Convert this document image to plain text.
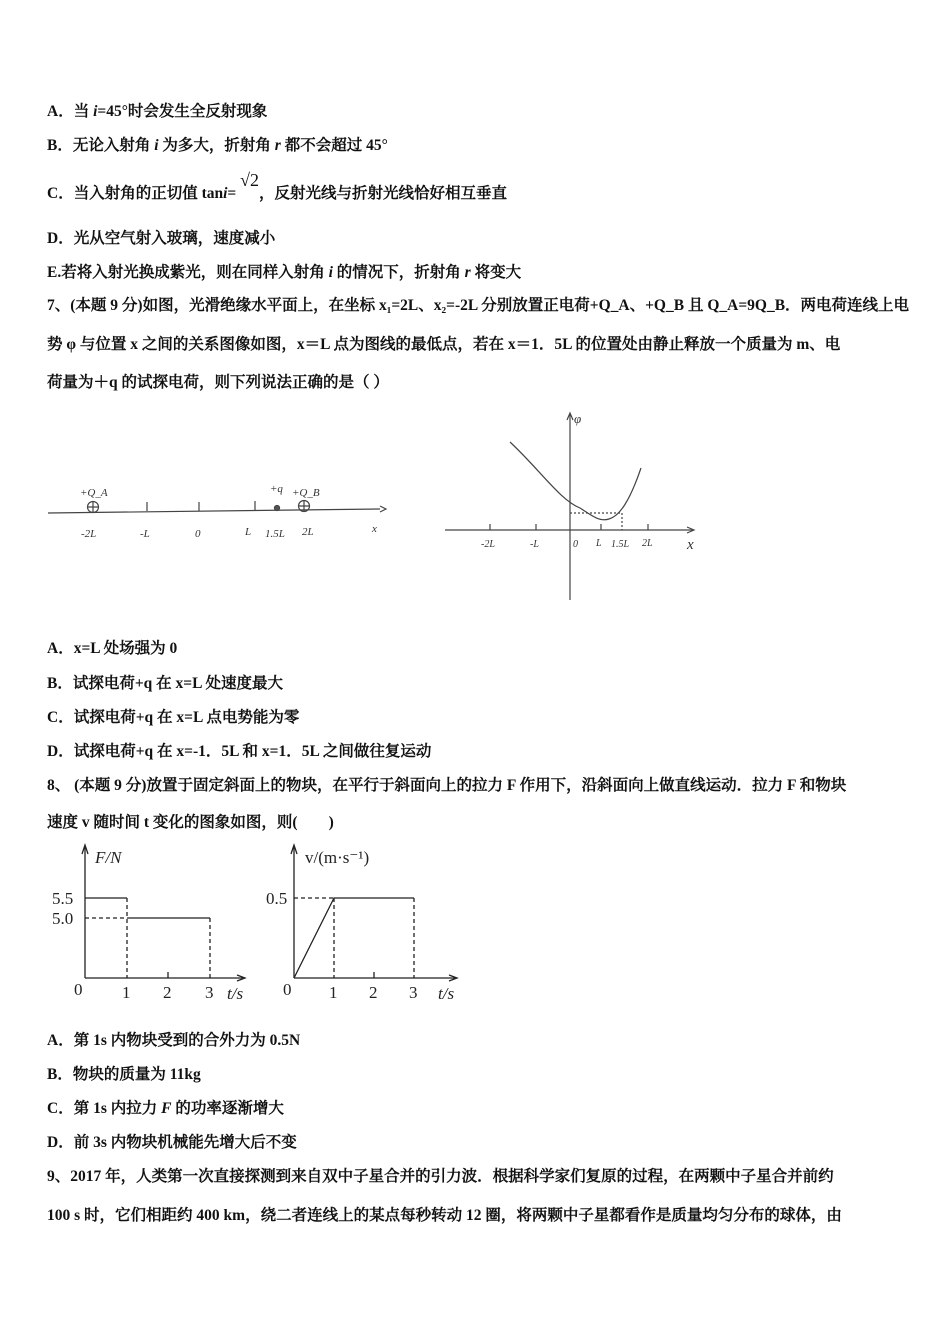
A．当 i=45°时会发生全反射现象
B．无论入射角 i 为多大，折射角 r 都不会超过 45°
C．当入射角的正切值 tani= √2，反射光线与折射光线恰好相互垂直
D．光从空气射入玻璃，速度减小
E.若将入射光换成紫光，则在同样入射角 i 的情况下，折射角 r 将变大
7、(本题 9 分)如图，光滑绝缘水平面上，在坐标 x₁=2L、x₂=-2L 分别放置正电荷+Q_A、+Q_B 且 Q_A=9Q_B．两电荷连线上电
势 φ 与位置 x 之间的关系图像如图，x＝L 点为图线的最低点，若在 x＝1．5L 的位置处由静止释放一个质量为 m、电
荷量为＋q 的试探电荷，则下列说法正确的是（ ）
A．x=L 处场强为 0
B．试探电荷+q 在 x=L 处速度最大
C．试探电荷+q 在 x=L 点电势能为零
D．试探电荷+q 在 x=-1．5L 和 x=1．5L 之间做往复运动
8、 (本题 9 分)放置于固定斜面上的物块，在平行于斜面向上的拉力 F 作用下，沿斜面向上做直线运动．拉力 F 和物块
速度 v 随时间 t 变化的图象如图，则(　　)
A．第 1s 内物块受到的合外力为 0.5N
B．物块的质量为 11kg
C．第 1s 内拉力 F 的功率逐渐增大
D．前 3s 内物块机械能先增大后不变
9、2017 年，人类第一次直接探测到来自双中子星合并的引力波．根据科学家们复原的过程，在两颗中子星合并前约
100 s 时，它们相距约 400 km，绕二者连线上的某点每秒转动 12 圈，将两颗中子星都看作是质量均匀分布的球体，由
+Q_A	+q +Q_B
-2L	-L	0	L 1.5L 2L	x
φ
x
-2L	-L	0 L 1.5L 2L
F/N
5.5
5.0
0 1 2 3 t/s
v/(m·s⁻¹)
0.5
0 1 2 3 t/s
